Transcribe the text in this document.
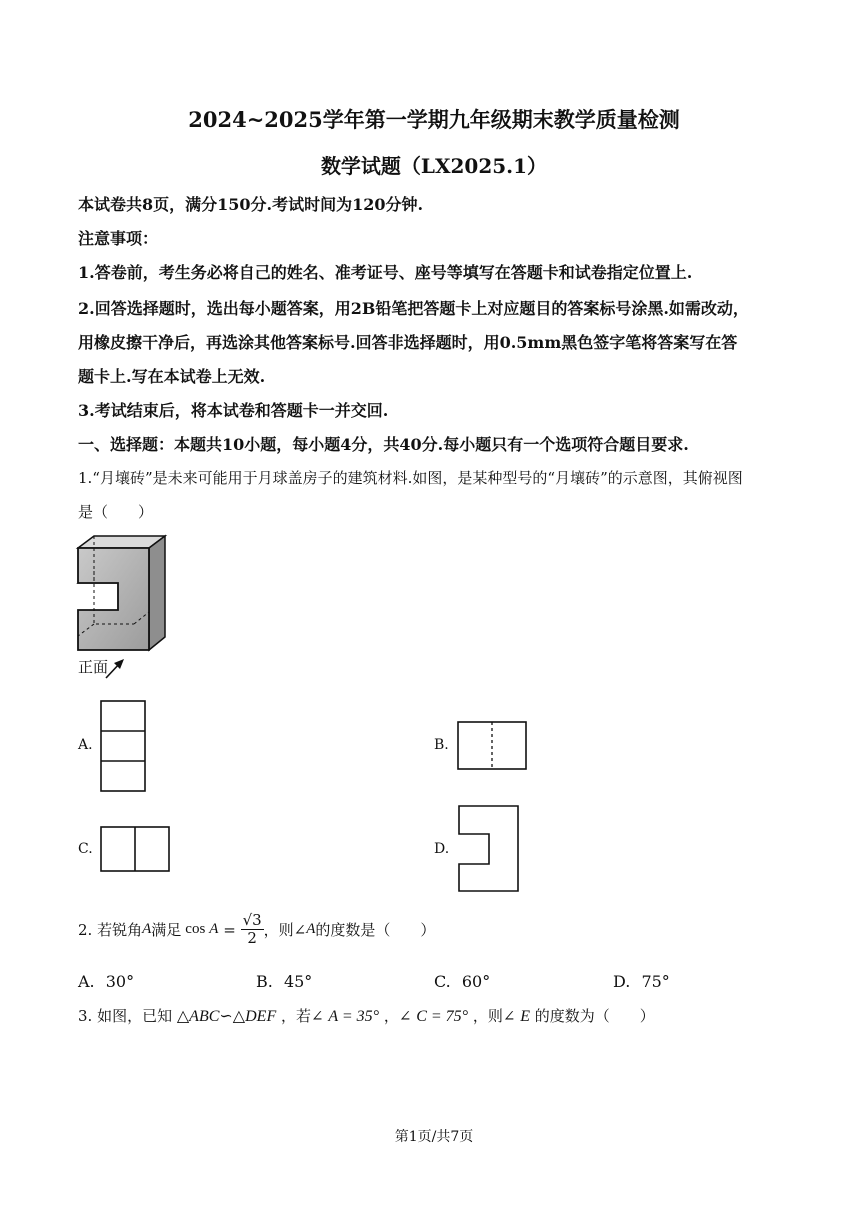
2024~2025学年第一学期九年级期末教学质量检测
数学试题（LX2025.1）
本试卷共8页，满分150分.考试时间为120分钟.
注意事项：
1.答卷前，考生务必将自己的姓名、准考证号、座号等填写在答题卡和试卷指定位置上.
2.回答选择题时，选出每小题答案，用2B铅笔把答题卡上对应题目的答案标号涂黑.如需改动，
用橡皮擦干净后，再选涂其他答案标号.回答非选择题时，用0.5mm黑色签字笔将答案写在答
题卡上.写在本试卷上无效.
3.考试结束后，将本试卷和答题卡一并交回.
一、选择题：本题共10小题，每小题4分，共40分.每小题只有一个选项符合题目要求.
1.“月壤砖”是未来可能用于月球盖房子的建筑材料.如图，是某种型号的“月壤砖”的示意图，其俯视图
是（　　）
正面
A.	B.
C.	D.
2. 若锐角 A 满足 $\cos A = \frac{√3}{2}$ ，则∠ A 的度数是（　　）
A. 30°	B. 45°	C. 60°	D. 75°
3. 如图，已知 △ABC∽△DEF ，若∠ A = 35° ，∠ C = 75° ，则∠ E 的度数为（　　）
第1页/共7页
